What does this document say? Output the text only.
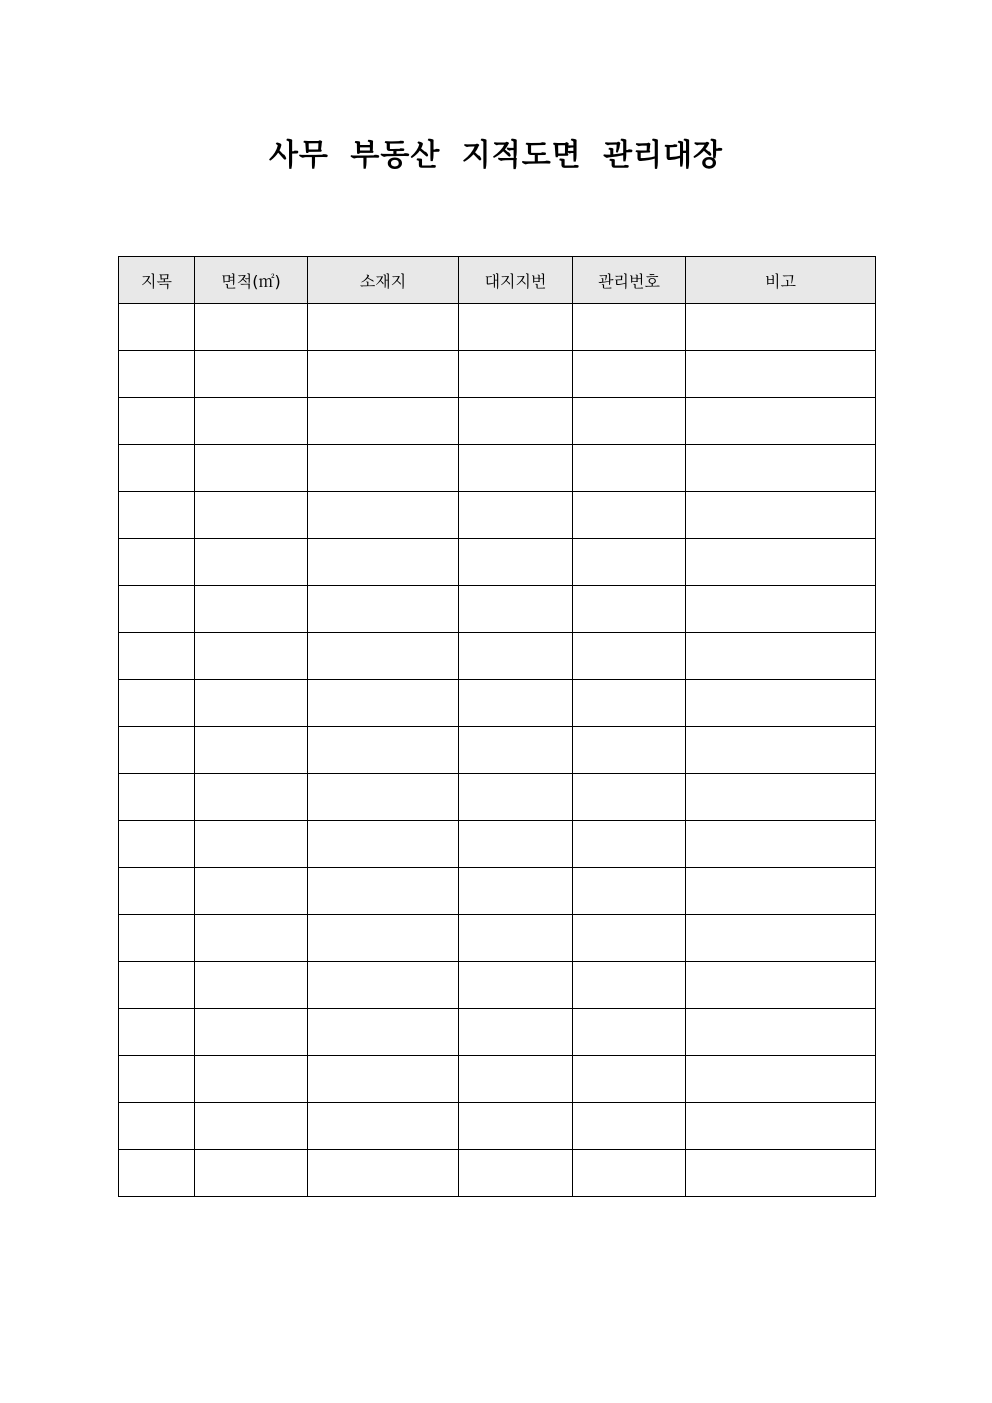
사무 부동산 지적도면 관리대장
지목	면적(㎡)	소재지	대지지번	관리번호	비고
